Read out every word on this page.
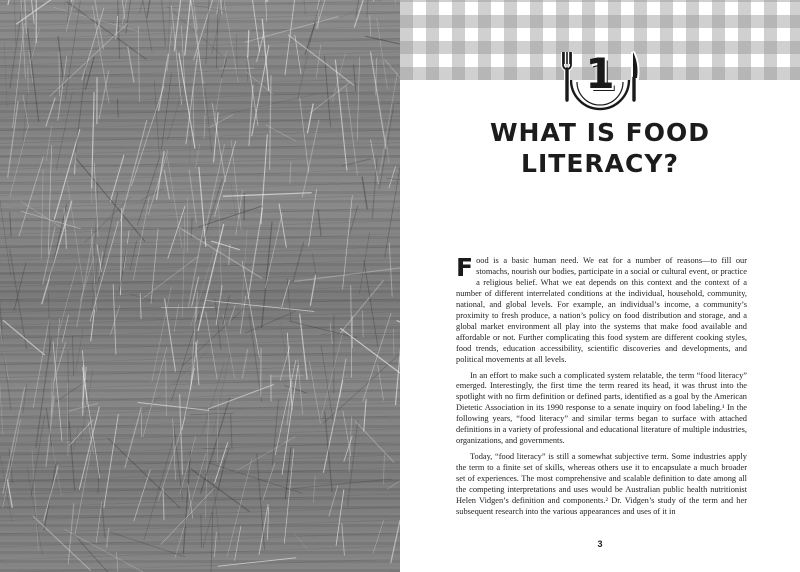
1
WHAT IS FOOD
LITERACY?

Food is a basic human need. We eat for a number of reasons—to fill our stomachs, nourish our bodies, participate in a social or cultural event, or practice a religious belief. What we eat depends on this context and the context of a number of different interrelated conditions at the individual, household, community, national, and global levels. For example, an individual’s income, a community’s proximity to fresh produce, a nation’s policy on food distribution and storage, and a global market environment all play into the systems that make food available and affordable or not. Further complicating this food system are different cooking styles, food trends, education accessibility, scientific discoveries and developments, and political movements at all levels.

In an effort to make such a complicated system relatable, the term “food literacy” emerged. Interestingly, the first time the term reared its head, it was thrust into the spotlight with no firm definition or defined parts, identified as a goal by the American Dietetic Association in its 1990 response to a senate inquiry on food labeling.¹ In the following years, “food literacy” and similar terms began to surface with attached definitions in a variety of professional and educational literature of multiple industries, organizations, and governments.

Today, “food literacy” is still a somewhat subjective term. Some industries apply the term to a finite set of skills, whereas others use it to encapsulate a much broader set of experiences. The most comprehensive and scalable definition to date among all the competing interpretations and uses would be Australian public health nutritionist Helen Vidgen’s definition and components.² Dr. Vidgen’s study of the term and her subsequent research into the various appearances and uses of it in

3
